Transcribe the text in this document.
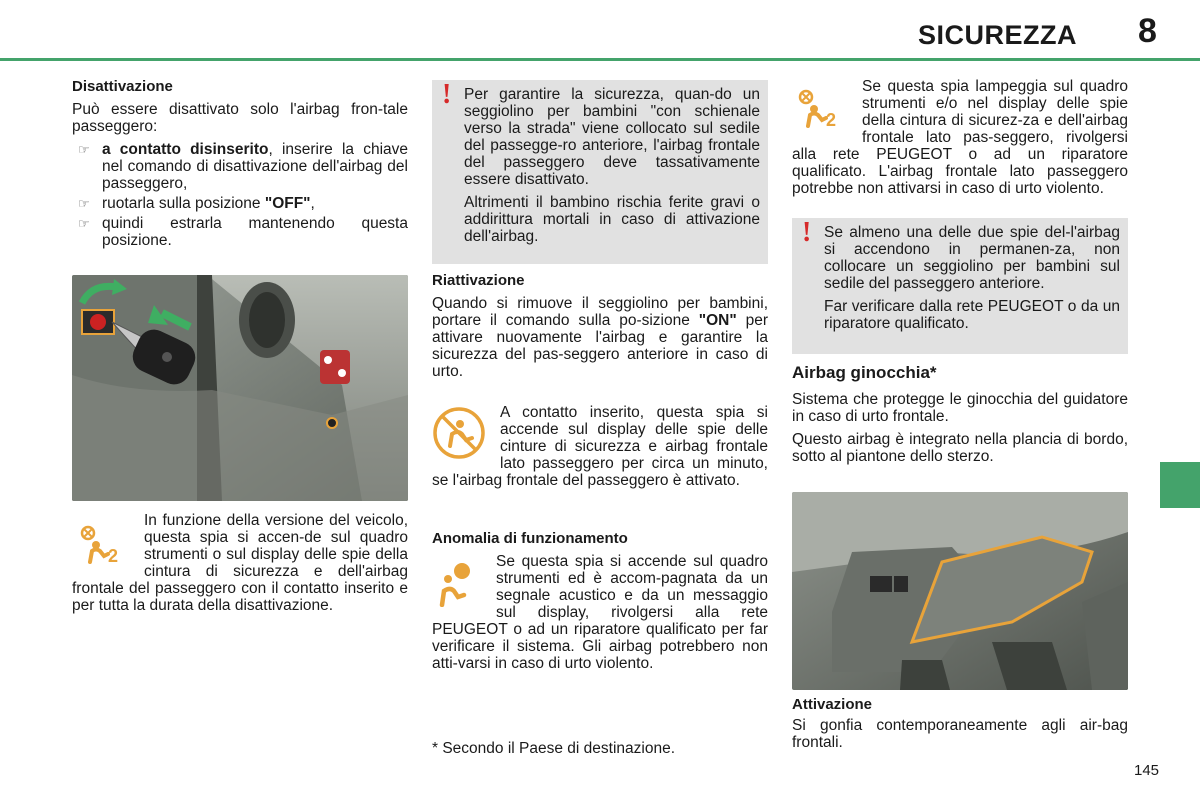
SICUREZZA 8
Disattivazione
Può essere disattivato solo l'airbag fron-tale passeggero:
☞ a contatto disinserito, inserire la chiave nel comando di disattivazione dell'airbag del passeggero,
☞ ruotarla sulla posizione "OFF",
☞ quindi estrarla mantenendo questa posizione.
2
In funzione della versione del veicolo, questa spia si accen-de sul quadro strumenti o sul display delle spie della cintura di sicurezza e dell'airbag frontale del passeggero con il contatto inserito e per tutta la durata della disattivazione.
! Per garantire la sicurezza, quan-do un seggiolino per bambini "con schienale verso la strada" viene collocato sul sedile del passegge-ro anteriore, l'airbag frontale del passeggero deve tassativamente essere disattivato.
Altrimenti il bambino rischia ferite gravi o addirittura mortali in caso di attivazione dell'airbag.
Riattivazione
Quando si rimuove il seggiolino per bambini, portare il comando sulla po-sizione "ON" per attivare nuovamente l'airbag e garantire la sicurezza del pas-seggero anteriore in caso di urto.
A contatto inserito, questa spia si accende sul display delle spie delle cinture di sicurezza e airbag frontale lato passeggero per circa un minuto, se l'airbag frontale del passeggero è attivato.
Anomalia di funzionamento
Se questa spia si accende sul quadro strumenti ed è accom-pagnata da un segnale acustico e da un messaggio sul display, rivolgersi alla rete PEUGEOT o ad un riparatore qualificato per far verificare il sistema. Gli airbag potrebbero non atti-varsi in caso di urto violento.
* Secondo il Paese di destinazione.
2
Se questa spia lampeggia sul quadro strumenti e/o nel display delle spie della cintura di sicurez-za e dell'airbag frontale lato pas-seggero, rivolgersi alla rete PEUGEOT o ad un riparatore qualificato. L'airbag frontale lato passeggero potrebbe non attivarsi in caso di urto violento.
! Se almeno una delle due spie del-l'airbag si accendono in permanen-za, non collocare un seggiolino per bambini sul sedile del passeggero anteriore.
Far verificare dalla rete PEUGEOT o da un riparatore qualificato.
Airbag ginocchia*
Sistema che protegge le ginocchia del guidatore in caso di urto frontale.
Questo airbag è integrato nella plancia di bordo, sotto al piantone dello sterzo.
Attivazione
Si gonfia contemporaneamente agli air-bag frontali.
145
